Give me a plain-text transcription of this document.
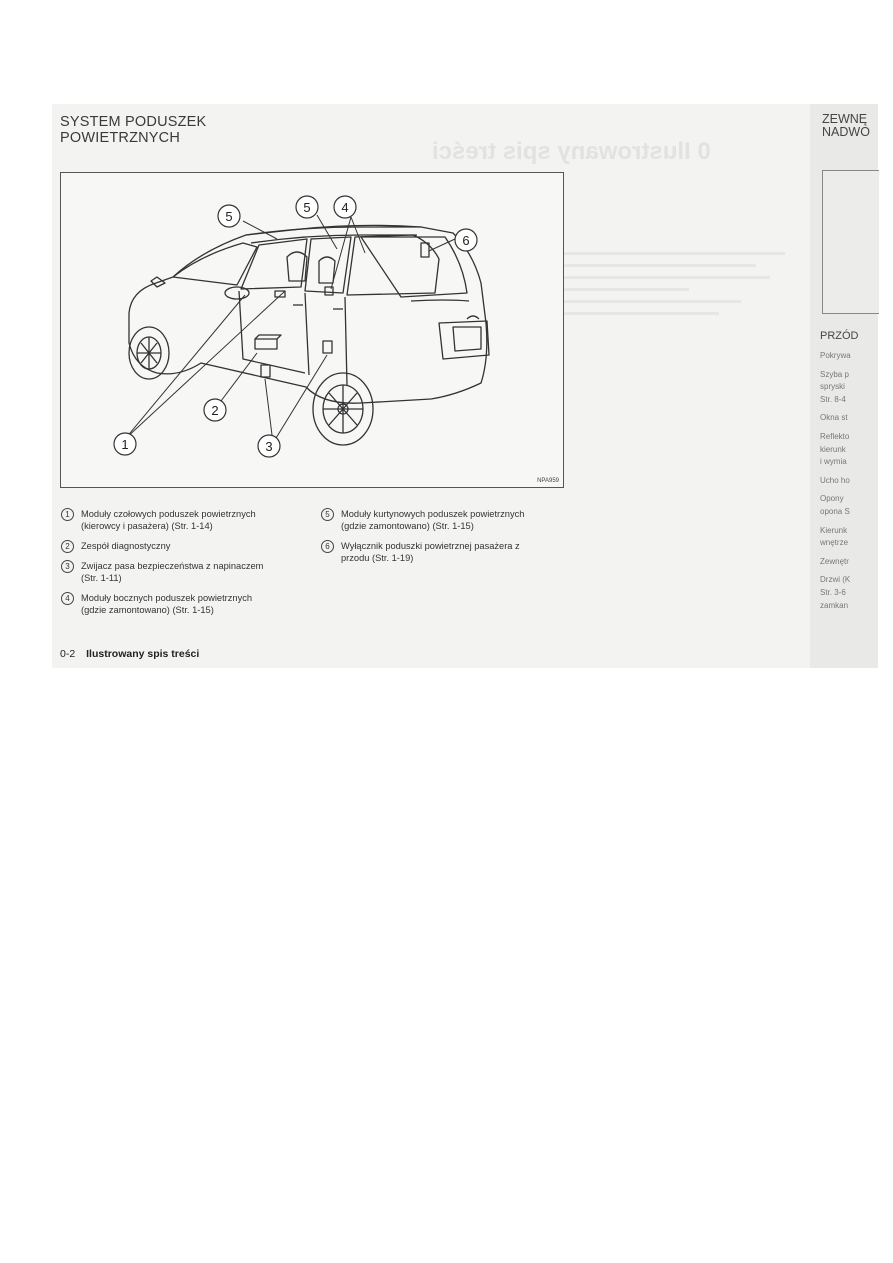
SYSTEM PODUSZEK
POWIETRZNYCH	0 Ilustrowany spis treści
5
5 4
6
2
1	3
NPA959
1	Moduły czołowych poduszek powietrznych
(kierowcy i pasażera) (Str. 1-14)
2	Zespół diagnostyczny
3	Zwijacz pasa bezpieczeństwa z napinaczem
(Str. 1-11)
4	Moduły bocznych poduszek powietrznych
(gdzie zamontowano) (Str. 1-15)
5	Moduły kurtynowych poduszek powietrznych
(gdzie zamontowano) (Str. 1-15)
6	Wyłącznik poduszki powietrznej pasażera z
przodu (Str. 1-19)
0-2 Ilustrowany spis treści
ZEWNĘ
NADWO
PRZÓD
Pokrywa
Szyba p
spryski
Str. 8-4
Okna st
Reflekto
kierunk
i wymia
Ucho ho
Opony
opona S
Kierunk
wnętrze
Zewnętr
Drzwi (K
Str. 3-6
zamkan
